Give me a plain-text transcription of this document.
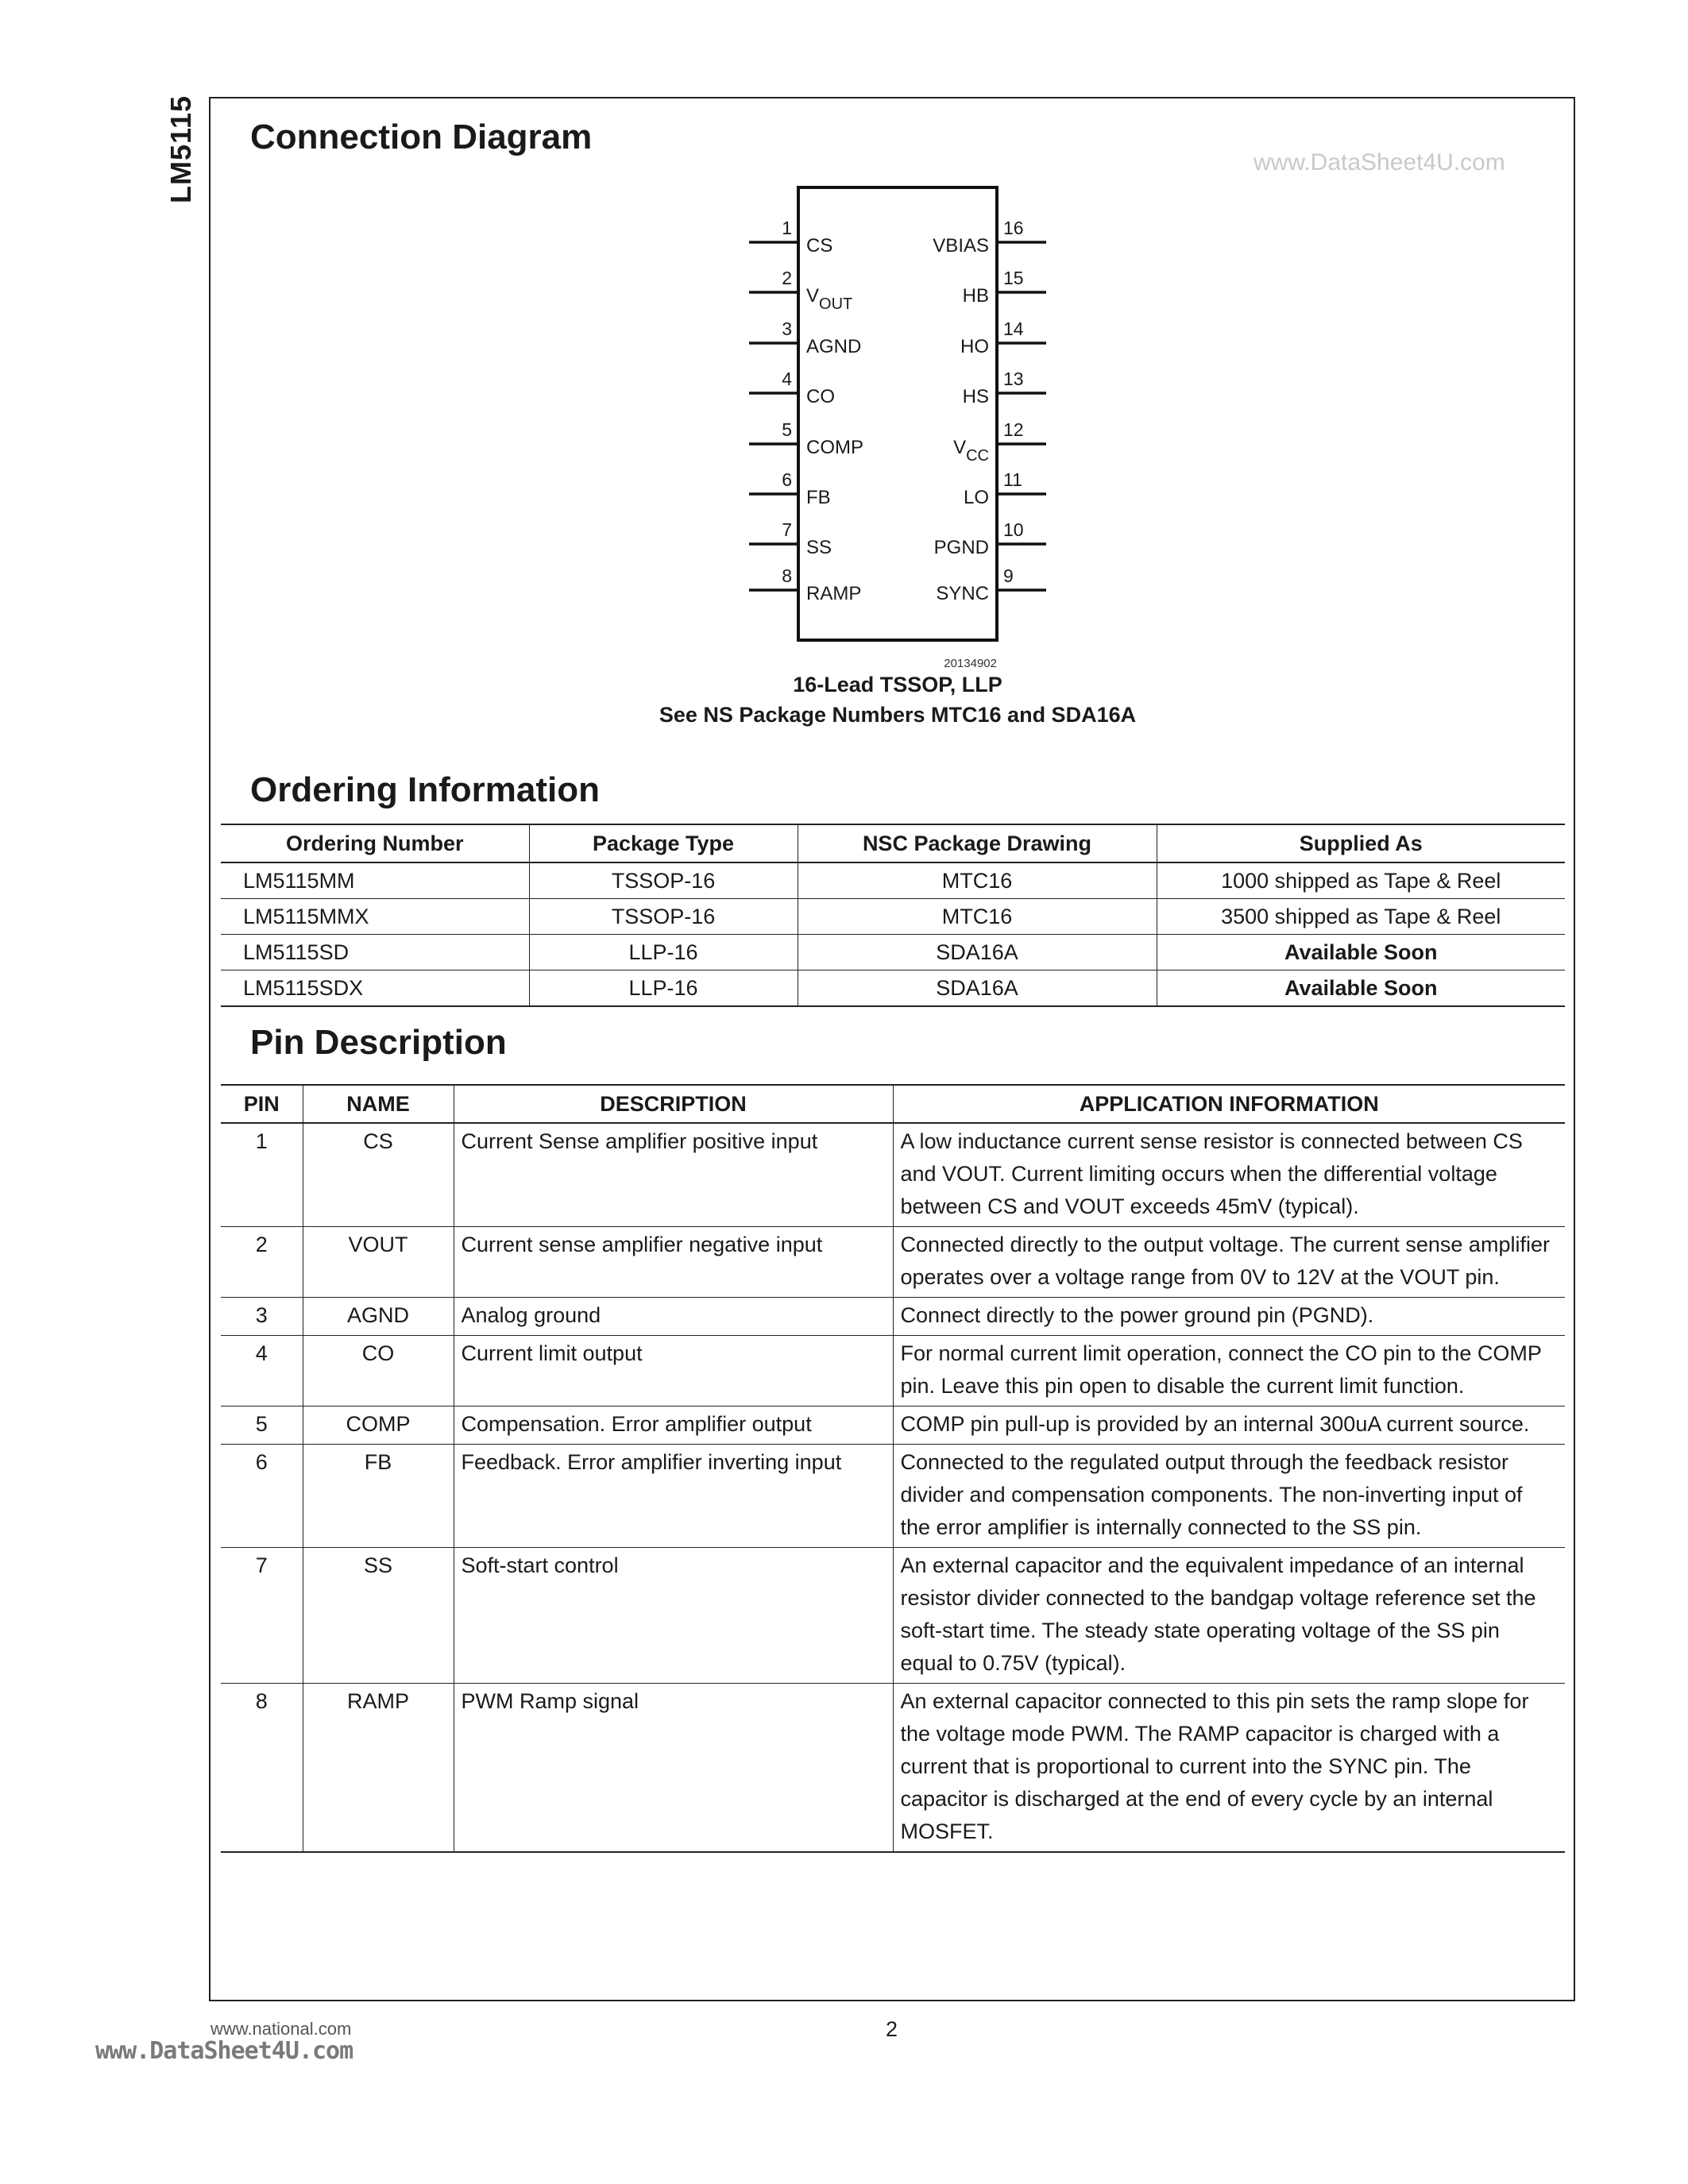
LM5115 Connection Diagram
www.DataSheet4U.com
1
CS
2
$V_{OUT}$
3
AGND
4
CO
5
COMP
6
FB
7
SS
8
RAMP
16
VBIAS
15
HB
14
HO
13
HS
12
$V_{CC}$
11
LO
10
PGND
9
SYNC
20134902
16-Lead TSSOP, LLP
See NS Package Numbers MTC16 and SDA16A
Ordering Information
Ordering Number	Package Type	NSC Package Drawing	Supplied As
LM5115MM	TSSOP-16	MTC16	1000 shipped as Tape & Reel
LM5115MMX	TSSOP-16	MTC16	3500 shipped as Tape & Reel
LM5115SD	LLP-16	SDA16A	Available Soon
LM5115SDX	LLP-16	SDA16A	Available Soon
Pin Description
PIN	NAME	DESCRIPTION	APPLICATION INFORMATION
1	CS	Current Sense amplifier positive input	A low inductance current sense resistor is connected between CS and VOUT. Current limiting occurs when the differential voltage between CS and VOUT exceeds 45mV (typical).
2	VOUT	Current sense amplifier negative input	Connected directly to the output voltage. The current sense amplifier operates over a voltage range from 0V to 12V at the VOUT pin.
3	AGND	Analog ground	Connect directly to the power ground pin (PGND).
4	CO	Current limit output	For normal current limit operation, connect the CO pin to the COMP pin. Leave this pin open to disable the current limit function.
5	COMP	Compensation. Error amplifier output	COMP pin pull-up is provided by an internal 300uA current source.
6	FB	Feedback. Error amplifier inverting input	Connected to the regulated output through the feedback resistor divider and compensation components. The non-inverting input of the error amplifier is internally connected to the SS pin.
7	SS	Soft-start control	An external capacitor and the equivalent impedance of an internal resistor divider connected to the bandgap voltage reference set the soft-start time. The steady state operating voltage of the SS pin equal to 0.75V (typical).
8	RAMP	PWM Ramp signal	An external capacitor connected to this pin sets the ramp slope for the voltage mode PWM. The RAMP capacitor is charged with a current that is proportional to current into the SYNC pin. The capacitor is discharged at the end of every cycle by an internal MOSFET.
www.national.com	2
www.DataSheet4U.com
